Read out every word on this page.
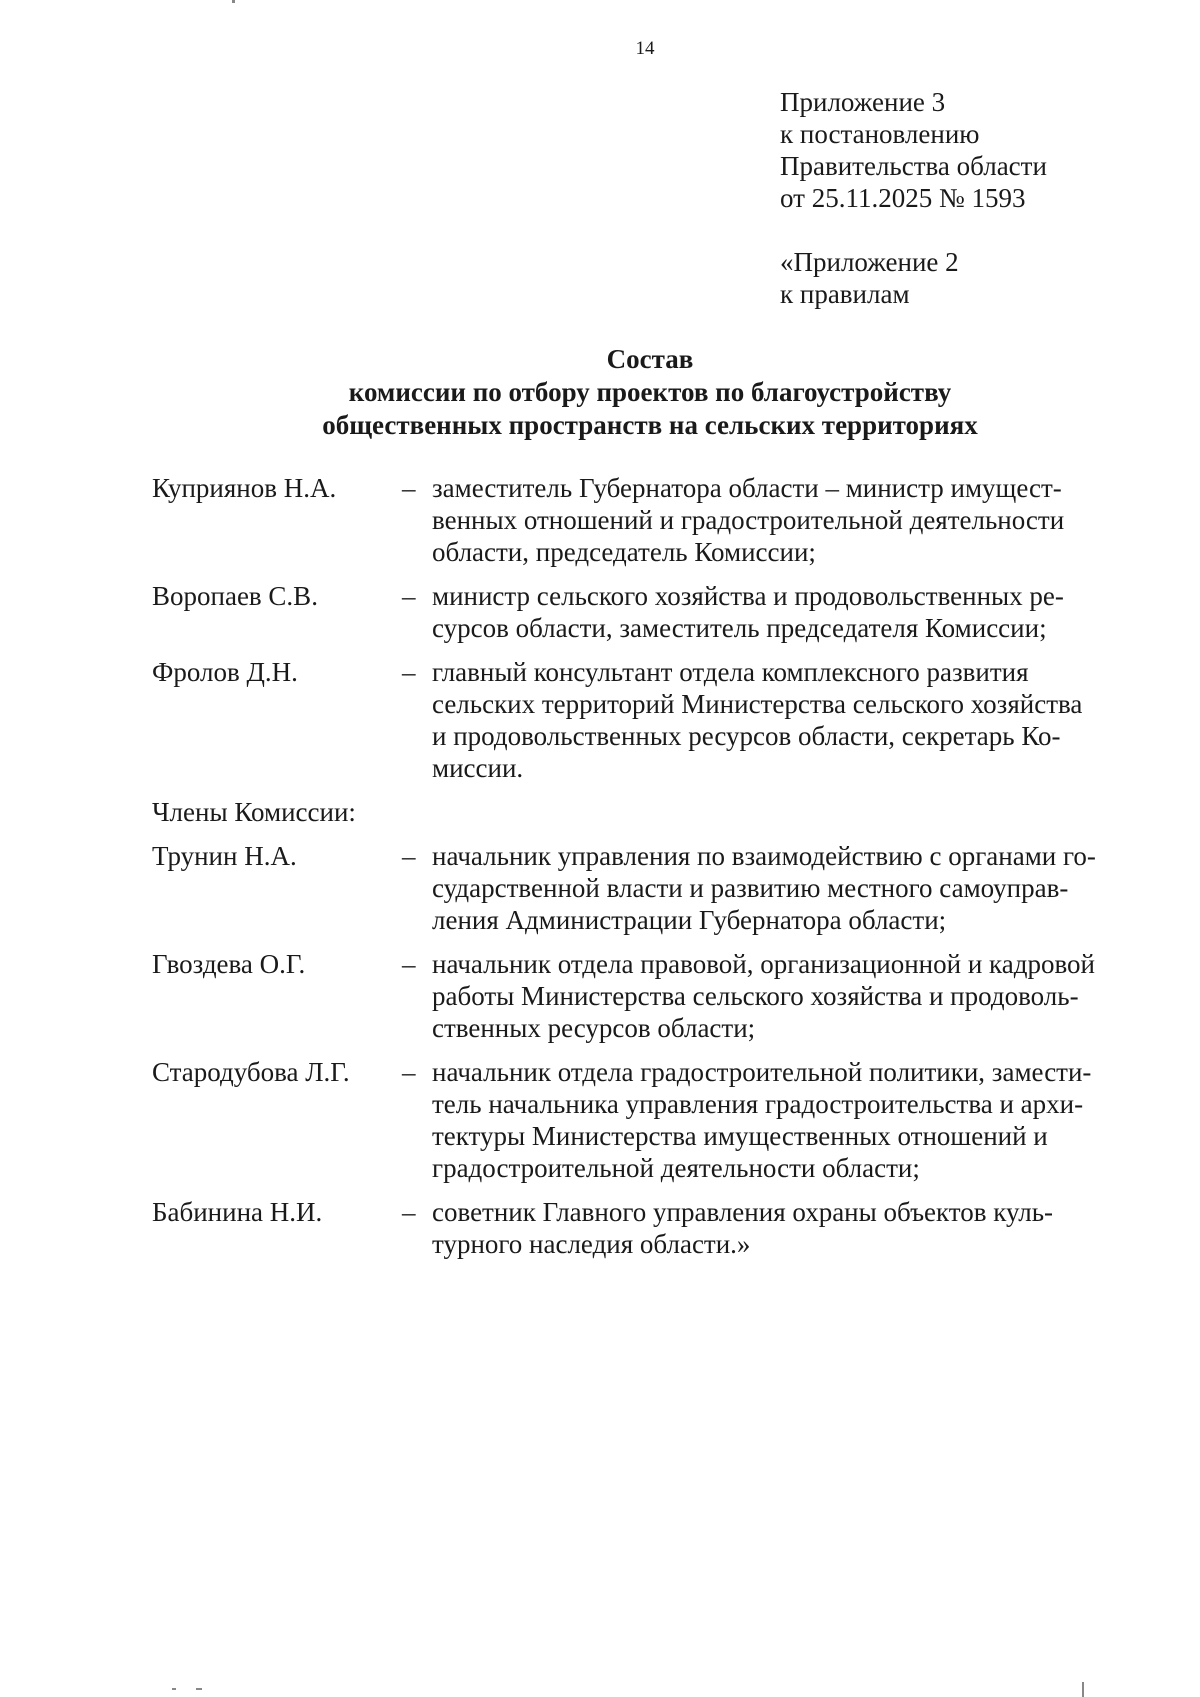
14
Приложение 3
к постановлению
Правительства области
от 25.11.2025 № 1593
«Приложение 2
к правилам
Состав
комиссии по отбору проектов по благоустройству
общественных пространств на сельских территориях
Куприянов Н.А.	– заместитель Губернатора области – министр имущест-
венных отношений и градостроительной деятельности
области, председатель Комиссии;
Воропаев С.В.	– министр сельского хозяйства и продовольственных ре-
сурсов области, заместитель председателя Комиссии;
Фролов Д.Н.	– главный консультант отдела комплексного развития
сельских территорий Министерства сельского хозяйства
и продовольственных ресурсов области, секретарь Ко-
миссии.
Члены Комиссии:
Трунин Н.А.	– начальник управления по взаимодействию с органами го-
сударственной власти и развитию местного самоуправ-
ления Администрации Губернатора области;
Гвоздева О.Г.	– начальник отдела правовой, организационной и кадровой
работы Министерства сельского хозяйства и продоволь-
ственных ресурсов области;
Стародубова Л.Г.	– начальник отдела градостроительной политики, замести-
тель начальника управления градостроительства и архи-
тектуры Министерства имущественных отношений и
градостроительной деятельности области;
Бабинина Н.И.	– советник Главного управления охраны объектов куль-
турного наследия области.»
